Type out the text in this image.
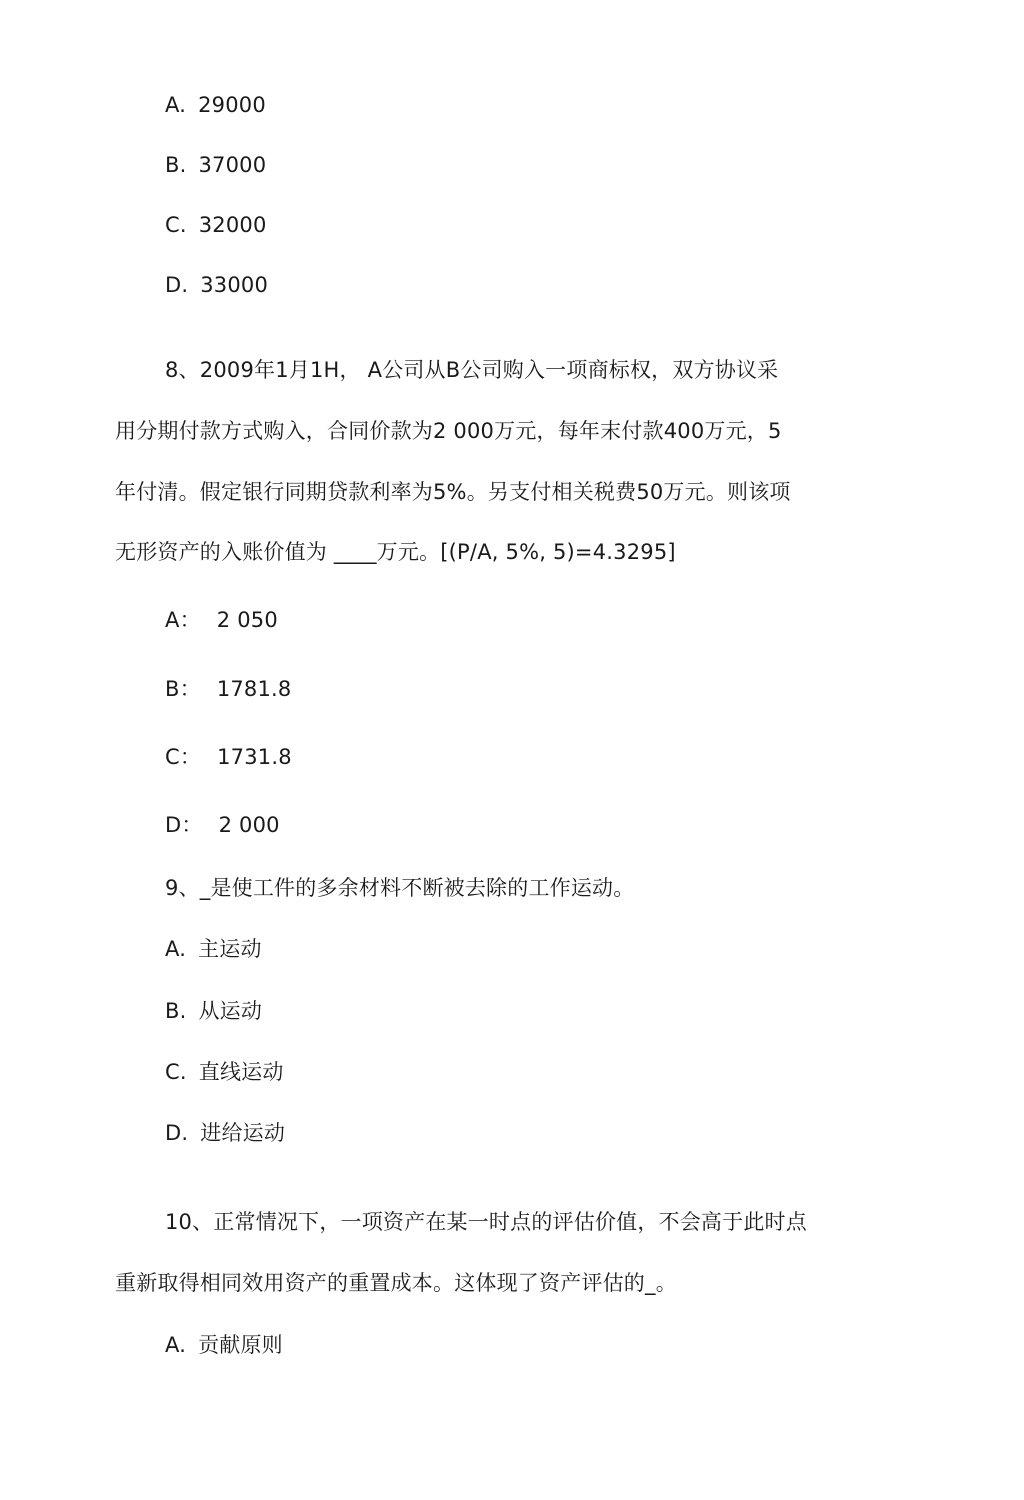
A. 29000
B. 37000
C. 32000
D. 33000
8、2009年1月1H， A公司从B公司购入一项商标权，双方协议采
用分期付款方式购入，合同价款为2 000万元，每年末付款400万元，5
年付清。假定银行同期贷款利率为5%。另支付相关税费50万元。则该项
无形资产的入账价值为 ____万元。[(P/A, 5%, 5)=4.3295]
A： 2 050
B： 1781.8
C： 1731.8
D： 2 000
9、_是使工件的多余材料不断被去除的工作运动。
A. 主运动
B. 从运动
C. 直线运动
D. 进给运动
10、正常情况下，一项资产在某一时点的评估价值，不会高于此时点
重新取得相同效用资产的重置成本。这体现了资产评估的_。
A. 贡献原则
